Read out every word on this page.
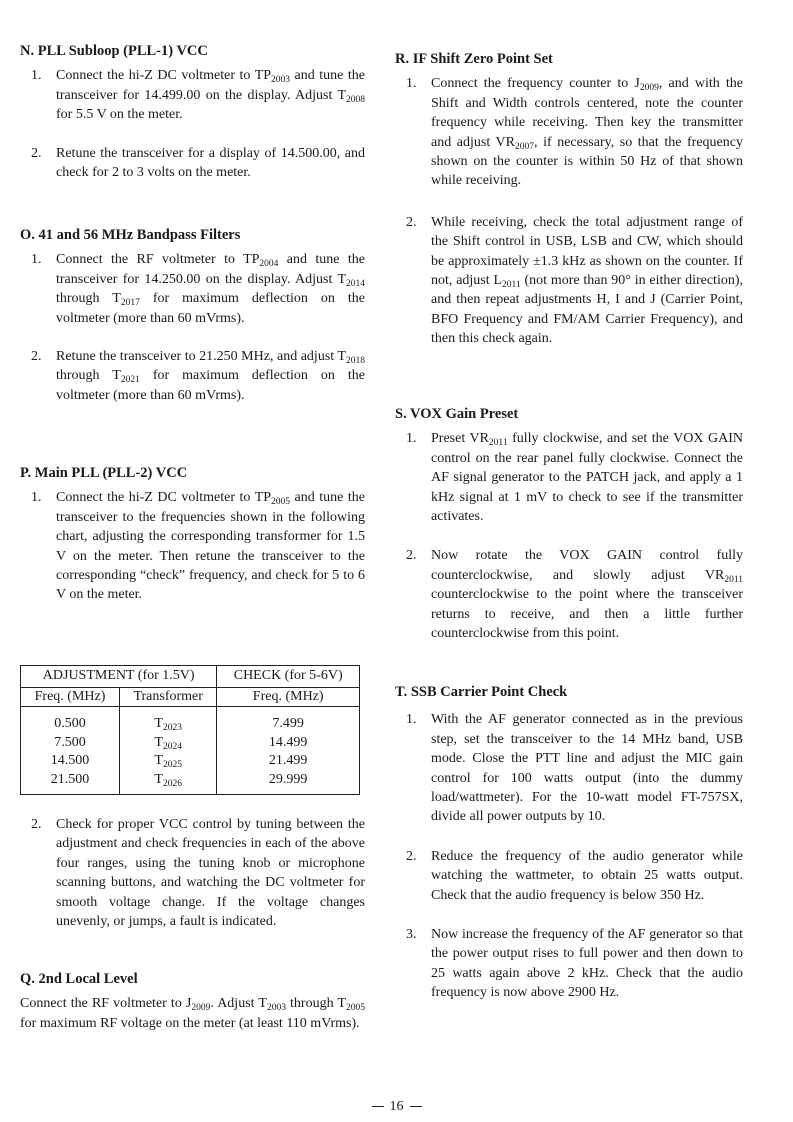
N. PLL Subloop (PLL-1) VCC

1. Connect the hi-Z DC voltmeter to $TP_{2003}$ and tune the transceiver for 14.499.00 on the display. Adjust $T_{2008}$ for 5.5 V on the meter.

2. Retune the transceiver for a display of 14.500.00, and check for 2 to 3 volts on the meter.

O. 41 and 56 MHz Bandpass Filters

1. Connect the RF voltmeter to $TP_{2004}$ and tune the transceiver for 14.250.00 on the display. Adjust $T_{2014}$ through $T_{2017}$ for maximum deflection on the voltmeter (more than 60 mVrms).

2. Retune the transceiver to 21.250 MHz, and adjust $T_{2018}$ through $T_{2021}$ for maximum deflection on the voltmeter (more than 60 mVrms).

P. Main PLL (PLL-2) VCC

1. Connect the hi-Z DC voltmeter to $TP_{2005}$ and tune the transceiver to the frequencies shown in the following chart, adjusting the corresponding transformer for 1.5 V on the meter. Then retune the transceiver to the corresponding “check” frequency, and check for 5 to 6 V on the meter.

ADJUSTMENT (for 1.5V)		CHECK (for 5-6V)
Freq. (MHz)	Transformer	Freq. (MHz)
0.500	$T_{2023}$	7.499
7.500	$T_{2024}$	14.499
14.500	$T_{2025}$	21.499
21.500	$T_{2026}$	29.999

2. Check for proper VCC control by tuning between the adjustment and check frequencies in each of the above four ranges, using the tuning knob or microphone scanning buttons, and watching the DC voltmeter for smooth voltage change. If the voltage changes unevenly, or jumps, a fault is indicated.

Q. 2nd Local Level

Connect the RF voltmeter to $J_{2009}$. Adjust $T_{2003}$ through $T_{2005}$ for maximum RF voltage on the meter (at least 110 mVrms).

R. IF Shift Zero Point Set

1. Connect the frequency counter to $J_{2009}$, and with the Shift and Width controls centered, note the counter frequency while receiving. Then key the transmitter and adjust $VR_{2007}$, if necessary, so that the frequency shown on the counter is within 50 Hz of that shown while receiving.

2. While receiving, check the total adjustment range of the Shift control in USB, LSB and CW, which should be approximately ±1.3 kHz as shown on the counter. If not, adjust $L_{2011}$ (not more than 90° in either direction), and then repeat adjustments H, I and J (Carrier Point, BFO Frequency and FM/AM Carrier Frequency), and then this check again.

S. VOX Gain Preset

1. Preset $VR_{2011}$ fully clockwise, and set the VOX GAIN control on the rear panel fully clockwise. Connect the AF signal generator to the PATCH jack, and apply a 1 kHz signal at 1 mV to check to see if the transmitter activates.

2. Now rotate the VOX GAIN control fully counterclockwise, and slowly adjust $VR_{2011}$ counterclockwise to the point where the transceiver returns to receive, and then a little further counterclockwise from this point.

T. SSB Carrier Point Check

1. With the AF generator connected as in the previous step, set the transceiver to the 14 MHz band, USB mode. Close the PTT line and adjust the MIC gain control for 100 watts output (into the dummy load/wattmeter). For the 10-watt model FT-757SX, divide all power outputs by 10.

2. Reduce the frequency of the audio generator while watching the wattmeter, to obtain 25 watts output. Check that the audio frequency is below 350 Hz.

3. Now increase the frequency of the AF generator so that the power output rises to full power and then down to 25 watts again above 2 kHz. Check that the audio frequency is now above 2900 Hz.

16
